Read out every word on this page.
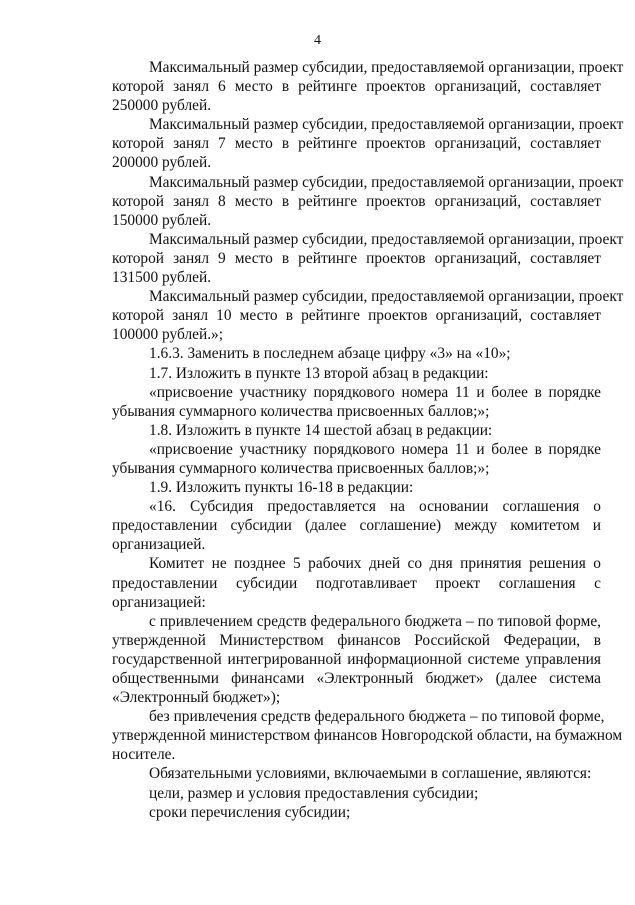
4
Максимальный размер субсидии, предоставляемой организации, проект
которой занял 6 место в рейтинге проектов организаций, составляет
250000 рублей.
Максимальный размер субсидии, предоставляемой организации, проект
которой занял 7 место в рейтинге проектов организаций, составляет
200000 рублей.
Максимальный размер субсидии, предоставляемой организации, проект
которой занял 8 место в рейтинге проектов организаций, составляет
150000 рублей.
Максимальный размер субсидии, предоставляемой организации, проект
которой занял 9 место в рейтинге проектов организаций, составляет
131500 рублей.
Максимальный размер субсидии, предоставляемой организации, проект
которой занял 10 место в рейтинге проектов организаций, составляет
100000 рублей.»;
1.6.3. Заменить в последнем абзаце цифру «3» на «10»;
1.7. Изложить в пункте 13 второй абзац в редакции:
«присвоение участнику порядкового номера 11 и более в порядке
убывания суммарного количества присвоенных баллов;»;
1.8. Изложить в пункте 14 шестой абзац в редакции:
«присвоение участнику порядкового номера 11 и более в порядке
убывания суммарного количества присвоенных баллов;»;
1.9. Изложить пункты 16-18 в редакции:
«16. Субсидия предоставляется на основании соглашения о
предоставлении субсидии (далее соглашение) между комитетом и
организацией.
Комитет не позднее 5 рабочих дней со дня принятия решения о
предоставлении субсидии подготавливает проект соглашения с
организацией:
с привлечением средств федерального бюджета – по типовой форме,
утвержденной Министерством финансов Российской Федерации, в
государственной интегрированной информационной системе управления
общественными финансами «Электронный бюджет» (далее система
«Электронный бюджет»);
без привлечения средств федерального бюджета – по типовой форме,
утвержденной министерством финансов Новгородской области, на бумажном
носителе.
Обязательными условиями, включаемыми в соглашение, являются:
цели, размер и условия предоставления субсидии;
сроки перечисления субсидии;
